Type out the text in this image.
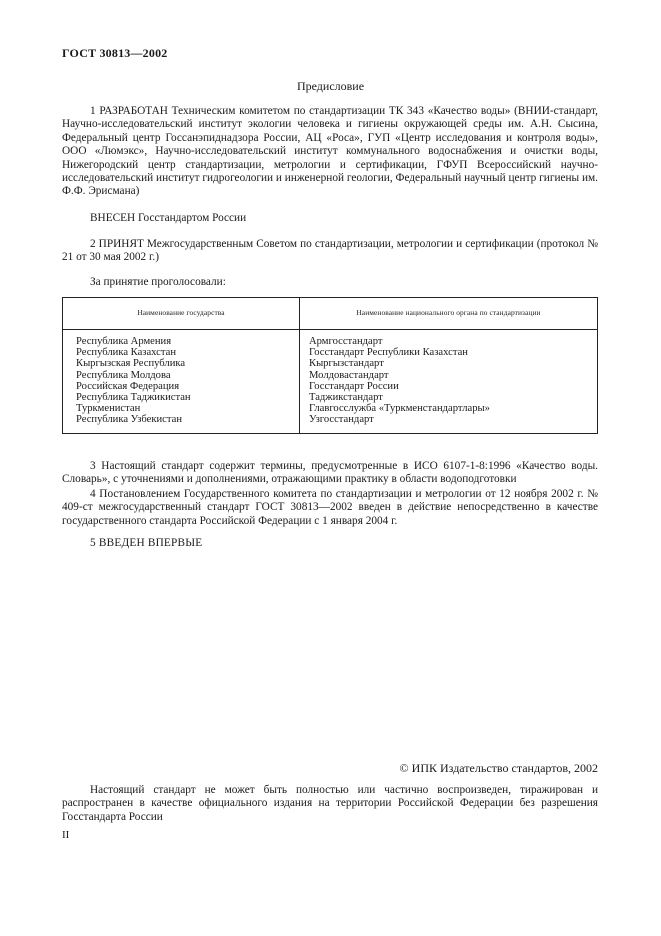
ГОСТ 30813—2002
Предисловие
1 РАЗРАБОТАН Техническим комитетом по стандартизации ТК 343 «Качество воды» (ВНИИ-стандарт, Научно-исследовательский институт экологии человека и гигиены окружающей среды им. А.Н. Сысина, Федеральный центр Госсанэпиднадзора России, АЦ «Роса», ГУП «Центр исследования и контроля воды», ООО «Люмэкс», Научно-исследовательский институт коммунального водоснабжения и очистки воды, Нижегородский центр стандартизации, метрологии и сертификации, ГФУП Всероссийский научно-исследовательский институт гидрогеологии и инженерной геологии, Федеральный научный центр гигиены им. Ф.Ф. Эрисмана)
ВНЕСЕН Госстандартом России
2 ПРИНЯТ Межгосударственным Советом по стандартизации, метрологии и сертификации (протокол № 21 от 30 мая 2002 г.)
За принятие проголосовали:
Наименование государства	Наименование национального органа по стандартизации
Республика Армения
Республика Казахстан
Кыргызская Республика
Республика Молдова
Российская Федерация
Республика Таджикистан
Туркменистан
Республика Узбекистан
Армгосстандарт
Госстандарт Республики Казахстан
Кыргызстандарт
Молдовастандарт
Госстандарт России
Таджикстандарт
Главгосслужба «Туркменстандартлары»
Узгосстандарт
3 Настоящий стандарт содержит термины, предусмотренные в ИСО 6107-1-8:1996 «Качество воды. Словарь», с уточнениями и дополнениями, отражающими практику в области водоподготовки
4 Постановлением Государственного комитета по стандартизации и метрологии от 12 ноября 2002 г. № 409-ст межгосударственный стандарт ГОСТ 30813—2002 введен в действие непосредственно в качестве государственного стандарта Российской Федерации с 1 января 2004 г.
5 ВВЕДЕН ВПЕРВЫЕ
© ИПК Издательство стандартов, 2002
Настоящий стандарт не может быть полностью или частично воспроизведен, тиражирован и распространен в качестве официального издания на территории Российской Федерации без разрешения Госстандарта России
II
